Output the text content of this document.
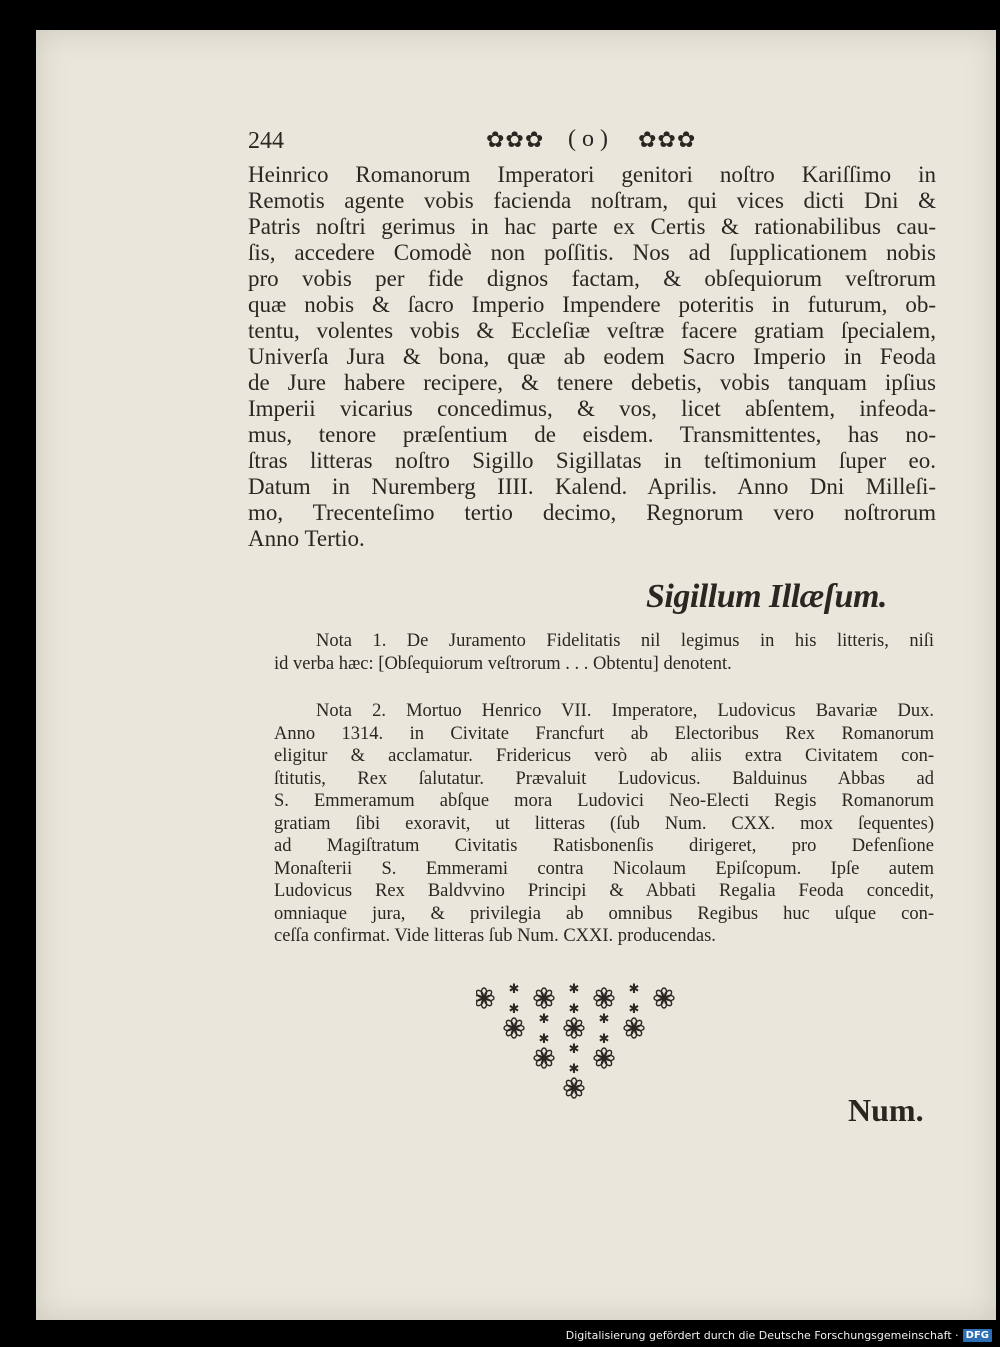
244	✿✿✿ ( o ) ✿✿✿
Heinrico Romanorum Imperatori genitori noſtro Kariſſimo in
Remotis agente vobis facienda noſtram, qui vices dicti Dni &
Patris noſtri gerimus in hac parte ex Certis & rationabilibus cau-
ſis, accedere Comodè non poſſitis. Nos ad ſupplicationem nobis
pro vobis per fide dignos factam, & obſequiorum veſtrorum
quæ nobis & ſacro Imperio Impendere poteritis in futurum, ob-
tentu, volentes vobis & Eccleſiæ veſtræ facere gratiam ſpecialem,
Univerſa Jura & bona, quæ ab eodem Sacro Imperio in Feoda
de Jure habere recipere, & tenere debetis, vobis tanquam ipſius
Imperii vicarius concedimus, & vos, licet abſentem, infeoda-
mus, tenore præſentium de eisdem. Transmittentes, has no-
ſtras litteras noſtro Sigillo Sigillatas in teſtimonium ſuper eo.
Datum in Nuremberg IIII. Kalend. Aprilis. Anno Dni Milleſi-
mo, Trecenteſimo tertio decimo, Regnorum vero noſtrorum
Anno Tertio.
Sigillum Illæſum.
Nota 1. De Juramento Fidelitatis nil legimus in his litteris, niſi
id verba hæc: [Obſequiorum veſtrorum . . . Obtentu] denotent.
Nota 2. Mortuo Henrico VII. Imperatore, Ludovicus Bavariæ Dux.
Anno 1314. in Civitate Francfurt ab Electoribus Rex Romanorum
eligitur & acclamatur. Fridericus verò ab aliis extra Civitatem con-
ſtitutis, Rex ſalutatur. Prævaluit Ludovicus. Balduinus Abbas ad
S. Emmeramum abſque mora Ludovici Neo-Electi Regis Romanorum
gratiam ſibi exoravit, ut litteras (ſub Num. CXX. mox ſequentes)
ad Magiſtratum Civitatis Ratisbonenſis dirigeret, pro Defenſione
Monaſterii S. Emmerami contra Nicolaum Epiſcopum. Ipſe autem
Ludovicus Rex Baldvvino Principi & Abbati Regalia Feoda concedit,
omniaque jura, & privilegia ab omnibus Regibus huc uſque con-
ceſſa confirmat. Vide litteras ſub Num. CXXI. producendas.
✱
✱
✱
✱
✱
✱
✱
✱
✱
✱
✱
✱
Num.
Digitalisierung gefördert durch die Deutsche Forschungsgemeinschaft · DFG
